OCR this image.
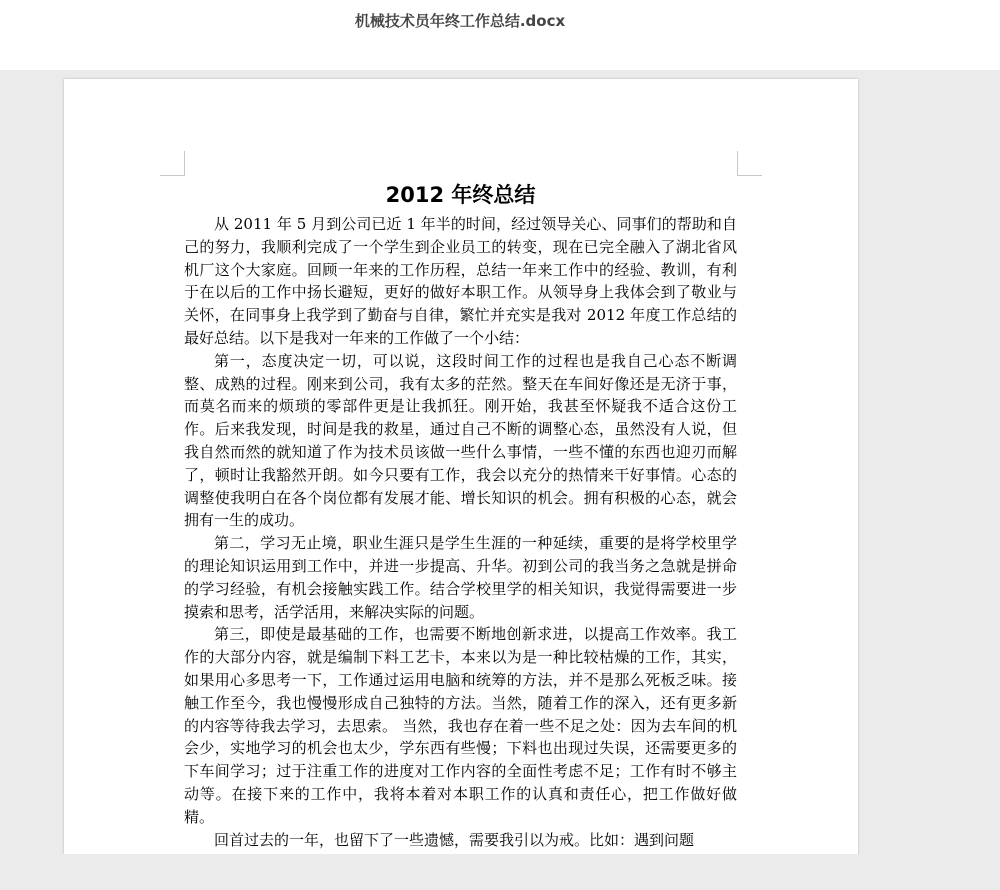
机械技术员年终工作总结.docx
2012 年终总结

从 2011 年 5 月到公司已近 1 年半的时间，经过领导关心、同事们的帮助和自己的努力，我顺利完成了一个学生到企业员工的转变，现在已完全融入了湖北省风机厂这个大家庭。回顾一年来的工作历程，总结一年来工作中的经验、教训，有利于在以后的工作中扬长避短，更好的做好本职工作。从领导身上我体会到了敬业与关怀，在同事身上我学到了勤奋与自律，繁忙并充实是我对 2012 年度工作总结的最好总结。以下是我对一年来的工作做了一个小结：

第一，态度决定一切，可以说，这段时间工作的过程也是我自己心态不断调整、成熟的过程。刚来到公司，我有太多的茫然。整天在车间好像还是无济于事，而莫名而来的烦琐的零部件更是让我抓狂。刚开始，我甚至怀疑我不适合这份工作。后来我发现，时间是我的救星，通过自己不断的调整心态，虽然没有人说，但我自然而然的就知道了作为技术员该做一些什么事情，一些不懂的东西也迎刃而解了，顿时让我豁然开朗。如今只要有工作，我会以充分的热情来干好事情。心态的调整使我明白在各个岗位都有发展才能、增长知识的机会。拥有积极的心态，就会拥有一生的成功。

第二，学习无止境，职业生涯只是学生生涯的一种延续，重要的是将学校里学的理论知识运用到工作中，并进一步提高、升华。初到公司的我当务之急就是拼命的学习经验，有机会接触实践工作。结合学校里学的相关知识，我觉得需要进一步摸索和思考，活学活用，来解决实际的问题。

第三，即使是最基础的工作，也需要不断地创新求进，以提高工作效率。我工作的大部分内容，就是编制下料工艺卡，本来以为是一种比较枯燥的工作，其实，如果用心多思考一下，工作通过运用电脑和统筹的方法，并不是那么死板乏味。接触工作至今，我也慢慢形成自己独特的方法。当然，随着工作的深入，还有更多新的内容等待我去学习，去思索。 当然，我也存在着一些不足之处：因为去车间的机会少，实地学习的机会也太少，学东西有些慢；下料也出现过失误，还需要更多的下车间学习；过于注重工作的进度对工作内容的全面性考虑不足；工作有时不够主动等。在接下来的工作中，我将本着对本职工作的认真和责任心，把工作做好做精。

回首过去的一年，也留下了一些遗憾，需要我引以为戒。比如：遇到问题
